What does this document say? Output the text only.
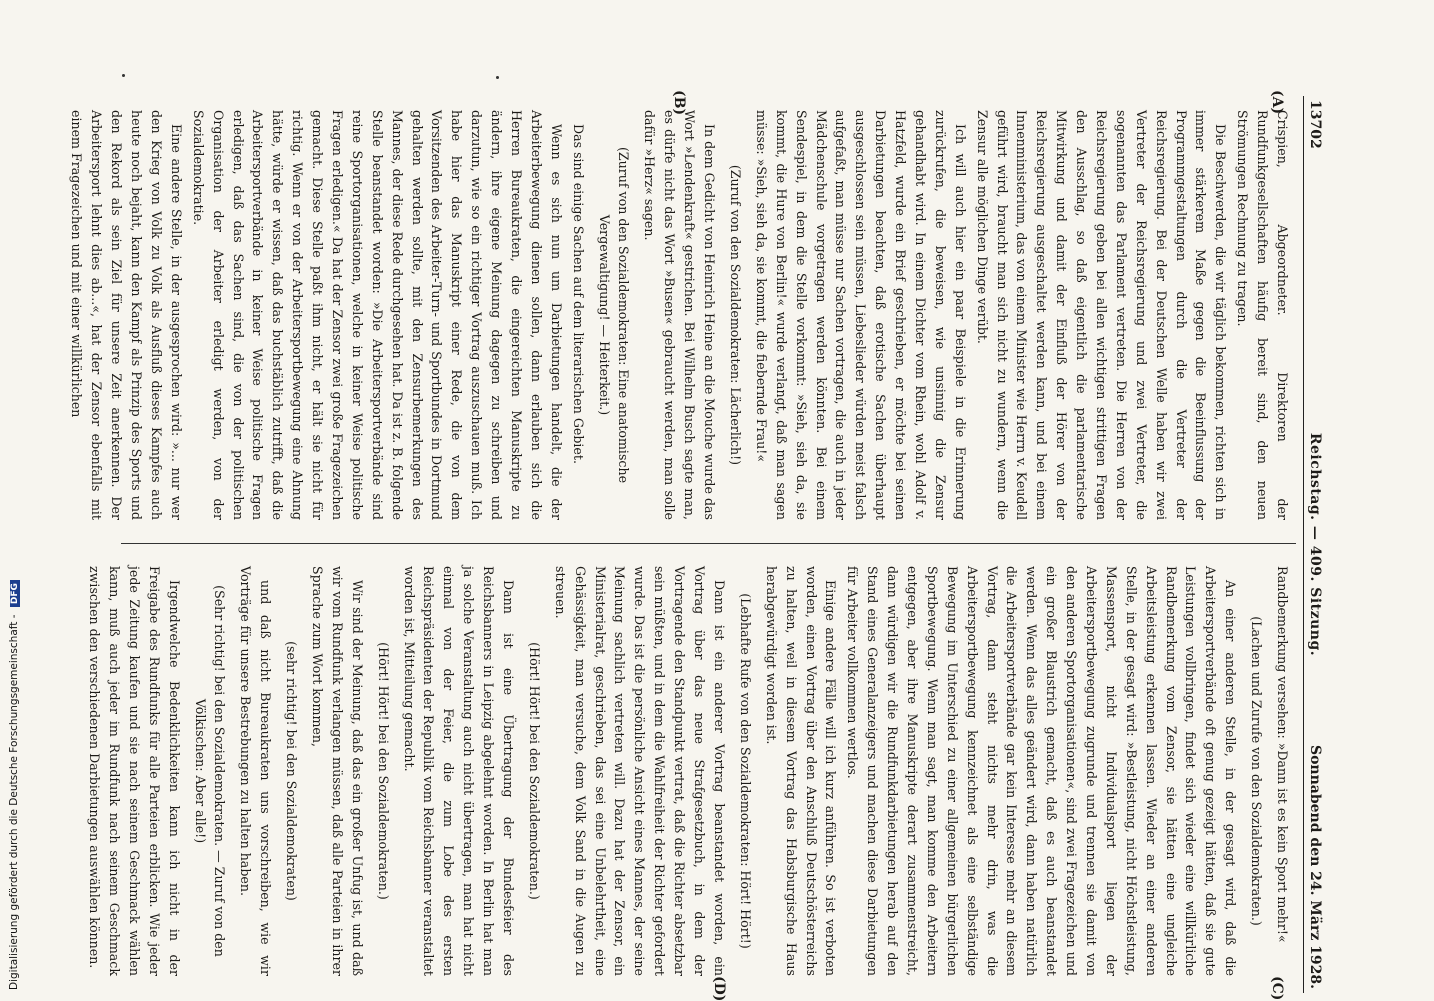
13702
Reichstag. — 409. Sitzung.
Sonnabend den 24. März 1928.
(A)
(B)
(C)
(D)

Crispien, Abgeordneter. Direktoren der Rundfunkgesellschaften häufig bereit sind, den neuen Strömungen Rechnung zu tragen.

Die Beschwerden, die wir täglich bekommen, richten sich in immer stärkerem Maße gegen die Beeinflussung der Programmgestaltungen durch die Vertreter der Reichsregierung. Bei der Deutschen Welle haben wir zwei Vertreter der Reichsregierung und zwei Vertreter, die sogenannten das Parlament vertreten. Die Herren von der Reichsregierung geben bei allen wichtigen strittigen Fragen den Ausschlag, so daß eigentlich die parlamentarische Mitwirkung und damit der Einfluß der Hörer von der Reichsregierung ausgeschaltet werden kann, und bei einem Innenministerium, das von einem Minister wie Herrn v. Keudell geführt wird, braucht man sich nicht zu wundern, wenn die Zensur alle möglichen Dinge verübt.

Ich will auch hier ein paar Beispiele in die Erinnerung zurückrufen, die beweisen, wie unsinnig die Zensur gehandhabt wird. In einem Dichter vom Rhein, wohl Adolf v. Hatzfeld, wurde ein Brief geschrieben, er möchte bei seinen Darbietungen beachten, daß erotische Sachen überhaupt ausgeschlossen sein müssen, Liebeslieder würden meist falsch aufgefaßt, man müsse nur Sachen vortragen, die auch in jeder Mädchenschule vorgetragen werden könnten. Bei einem Sendespiel, in dem die Stelle vorkommt: »Sieh, sieh da, sie kommt, die Hure von Berlin!« wurde verlangt, daß man sagen müsse: »Sieh, sieh da, sie kommt, die fiebernde Frau!«

(Zuruf von den Sozialdemokraten: Lächerlich!)

In dem Gedicht von Heinrich Heine an die Mouche wurde das Wort »Lendenkraft« gestrichen. Bei Wilhelm Busch sagte man, es dürfe nicht das Wort »Busen« gebraucht werden, man solle dafür »Herz« sagen.

(Zuruf von den Sozialdemokraten: Eine anatomische Vergewaltigung! — Heiterkeit.)

Das sind einige Sachen auf dem literarischen Gebiet.

Wenn es sich nun um Darbietungen handelt, die der Arbeiterbewegung dienen sollen, dann erlauben sich die Herren Bureaukraten, die eingereichten Manuskripte zu ändern, ihre eigene Meinung dagegen zu schreiben und darzutun, wie so ein richtiger Vortrag auszuschauen muß. Ich habe hier das Manuskript einer Rede, die von dem Vorsitzenden des Arbeiter-Turn- und Sportbundes in Dortmund gehalten werden sollte, mit den Zensurbemerkungen des Mannes, der diese Rede durchgesehen hat. Da ist z. B. folgende Stelle beanstandet worden: »Die Arbeitersportverbände sind reine Sportorganisationen, welche in keiner Weise politische Fragen erledigen.« Da hat der Zensor zwei große Fragezeichen gemacht. Diese Stelle paßt ihm nicht, er hält sie nicht für richtig. Wenn er von der Arbeitersportbewegung eine Ahnung hätte, würde er wissen, daß das buchstäblich zutrifft, daß die Arbeitersportverbände in keiner Weise politische Fragen erledigen, daß das Sachen sind, die von der politischen Organisation der Arbeiter erledigt werden, von der Sozialdemokratie.

Eine andere Stelle, in der ausgesprochen wird: »... nur wer den Krieg von Volk zu Volk als Ausfluß dieses Kampfes auch heute noch bejaht, kann den Kampf als Prinzip des Sports und den Rekord als sein Ziel für unsere Zeit anerkennen. Der Arbeitersport lehnt dies ab...«, hat der Zensor ebenfalls mit einem Fragezeichen und mit einer willkürlichen

Randbemerkung versehen: »Dann ist es kein Sport mehr!«

(Lachen und Zurufe von den Sozialdemokraten.)

An einer anderen Stelle, in der gesagt wird, daß die Arbeitersportverbände oft genug gezeigt hätten, daß sie gute Leistungen vollbringen, findet sich wieder eine willkürliche Randbemerkung vom Zensor, sie hätten eine ungleiche Arbeitsleistung erkennen lassen. Wieder an einer anderen Stelle, in der gesagt wird: »Bestleistung, nicht Höchstleistung, Massensport, nicht Individualsport liegen der Arbeitersportbewegung zugrunde und trennen sie damit von den anderen Sportorganisationen«, sind zwei Fragezeichen und ein großer Blaustrich gemacht, daß es auch beanstandet werden. Wenn das alles geändert wird, dann haben natürlich die Arbeitersportverbände gar kein Interesse mehr an diesem Vortrag, dann steht nichts mehr drin, was die Arbeitersportbewegung kennzeichnet als eine selbständige Bewegung im Unterschied zu einer allgemeinen bürgerlichen Sportbewegung. Wenn man sagt, man komme den Arbeitern entgegen, aber ihre Manuskripte derart zusammenstreicht, dann würdigen wir die Rundfunkdarbietungen herab auf den Stand eines Generalanzeigers und machen diese Darbietungen für Arbeiter vollkommen wertlos.

Einige andere Fälle will ich kurz anführen. So ist verboten worden, einen Vortrag über den Anschluß Deutschösterreichs zu halten, weil in diesem Vortrag das Habsburgische Haus herabgewürdigt worden ist.

(Lebhafte Rufe von den Sozialdemokraten: Hört! Hört!)

Dann ist ein anderer Vortrag beanstandet worden, ein Vortrag über das neue Strafgesetzbuch, in dem der Vortragende den Standpunkt vertrat, daß die Richter absetzbar sein müßten, und in dem die Wahlfreiheit der Richter gefordert wurde. Das ist die persönliche Ansicht eines Mannes, der seine Meinung sachlich vertreten will. Dazu hat der Zensor, ein Ministerialrat, geschrieben, das sei eine Unbelehrtheit, eine Gehässigkeit, man versuche, dem Volk Sand in die Augen zu streuen.

(Hört! Hört! bei den Sozialdemokraten.)

Dann ist eine Übertragung der Bundesfeier des Reichsbanners in Leipzig abgelehnt worden. In Berlin hat man ja solche Veranstaltung auch nicht übertragen, man hat nicht einmal von der Feier, die zum Lobe des ersten Reichspräsidenten der Republik vom Reichsbanner veranstaltet worden ist, Mitteilung gemacht.

(Hört! Hört! bei den Sozialdemokraten.)

Wir sind der Meinung, daß das ein großer Unfug ist, und daß wir vom Rundfunk verlangen müssen, daß alle Parteien in ihrer Sprache zum Wort kommen,

(sehr richtig! bei den Sozialdemokraten)

und daß nicht Bureaukraten uns vorschreiben, wie wir Vorträge für unsere Bestrebungen zu halten haben.

(Sehr richtig! bei den Sozialdemokraten. — Zuruf von den Völkischen: Aber alle!)

Irgendwelche Bedenklichkeiten kann ich nicht in der Freigabe des Rundfunks für alle Parteien erblicken. Wie jeder jede Zeitung kaufen und sie nach seinem Geschmack wählen kann, muß auch jeder im Rundfunk nach seinem Geschmack zwischen den verschiedenen Darbietungen auswählen können.

Digitalisierung gefördert durch die Deutsche Forschungsgemeinschaft - DFG
